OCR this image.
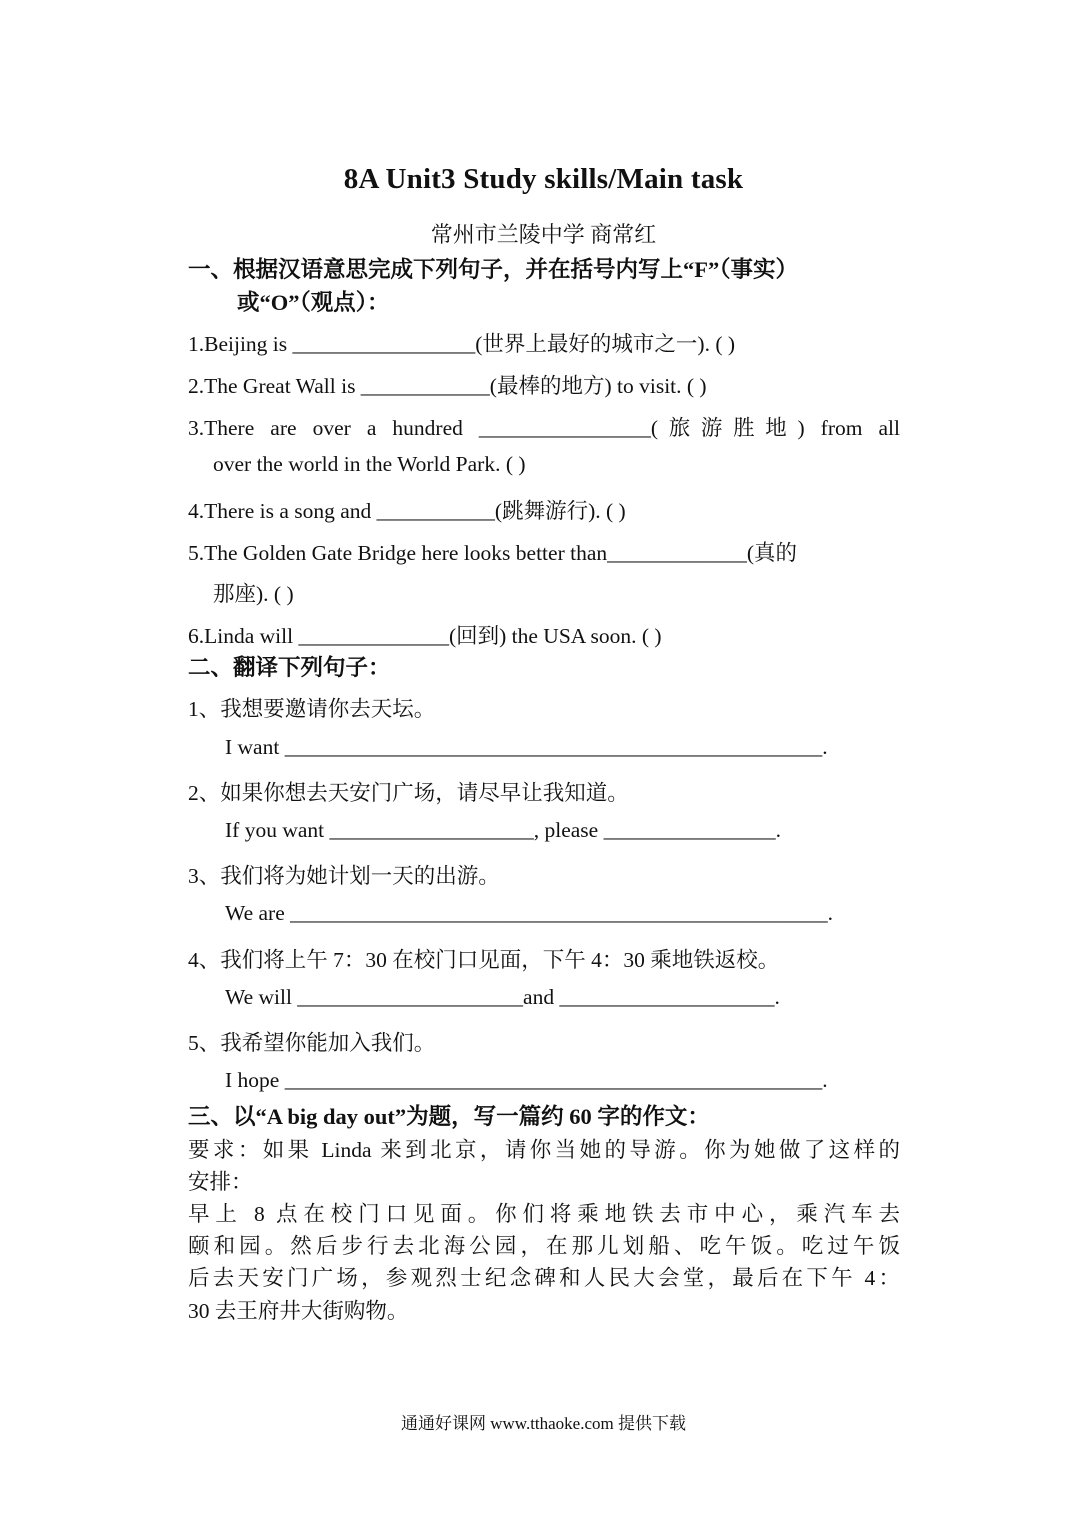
8A Unit3 Study skills/Main task
常州市兰陵中学 商常红
一、根据汉语意思完成下列句子，并在括号内写上“F”（事实）
或“O”（观点）：
1.Beijing is _________________(世界上最好的城市之一). ( )
2.The Great Wall is ____________(最棒的地方) to visit. ( )
3.There are over a hundred ________________(旅游胜地) from all
over the world in the World Park. ( )
4.There is a song and ___________(跳舞游行). ( )
5.The Golden Gate Bridge here looks better than_____________(真的
那座). ( )
6.Linda will ______________(回到) the USA soon. ( )
二、翻译下列句子：
1、我想要邀请你去天坛。
I want __________________________________________________.
2、如果你想去天安门广场，请尽早让我知道。
If you want ___________________, please ________________.
3、我们将为她计划一天的出游。
We are __________________________________________________.
4、我们将上午 7：30 在校门口见面，下午 4：30 乘地铁返校。
We will _____________________and ____________________.
5、我希望你能加入我们。
I hope __________________________________________________.
三、以“A big day out”为题，写一篇约 60 字的作文：
要求：如果 Linda 来到北京，请你当她的导游。你为她做了这样的
安排：
早上 8 点在校门口见面。你们将乘地铁去市中心，乘汽车去
颐和园。然后步行去北海公园，在那儿划船、吃午饭。吃过午饭
后去天安门广场，参观烈士纪念碑和人民大会堂，最后在下午 4：
30 去王府井大街购物。
通通好课网 www.tthaoke.com 提供下载
